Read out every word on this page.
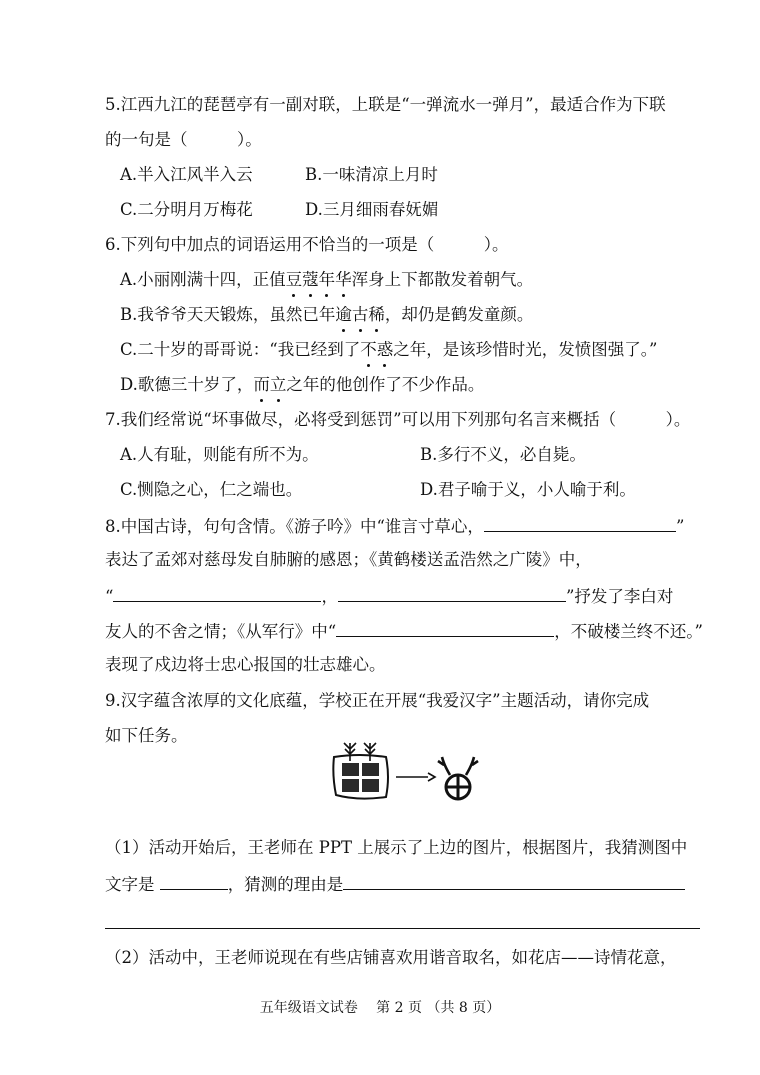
5.江西九江的琵琶亭有一副对联，上联是“一弹流水一弹月”，最适合作为下联
的一句是（　　　）。
A.半入江风半入云	B.一味清凉上月时
C.二分明月万梅花	D.三月细雨春妩媚
6.下列句中加点的词语运用不恰当的一项是（　　　）。
A.小丽刚满十四，正值豆蔻年华浑身上下都散发着朝气。
B.我爷爷天天锻炼，虽然已年逾古稀，却仍是鹤发童颜。
C.二十岁的哥哥说：“我已经到了不惑之年，是该珍惜时光，发愤图强了。”
D.歌德三十岁了，而立之年的他创作了不少作品。
7.我们经常说“坏事做尽，必将受到惩罚”可以用下列那句名言来概括（　　　）。
A.人有耻，则能有所不为。	B.多行不义，必自毙。
C.恻隐之心，仁之端也。	D.君子喻于义，小人喻于利。
8.中国古诗，句句含情。《游子吟》中“谁言寸草心，	”
表达了孟郊对慈母发自肺腑的感恩；《黄鹤楼送孟浩然之广陵》中，
“	，	”抒发了李白对
友人的不舍之情；《从军行》中“	，不破楼兰终不还。”
表现了戍边将士忠心报国的壮志雄心。
9.汉字蕴含浓厚的文化底蕴，学校正在开展“我爱汉字”主题活动，请你完成
如下任务。
（1）活动开始后，王老师在 PPT 上展示了上边的图片，根据图片，我猜测图中
文字是	，猜测的理由是
（2）活动中，王老师说现在有些店铺喜欢用谐音取名，如花店——诗情花意，
五年级语文试卷　 第 2 页 （共 8 页）
